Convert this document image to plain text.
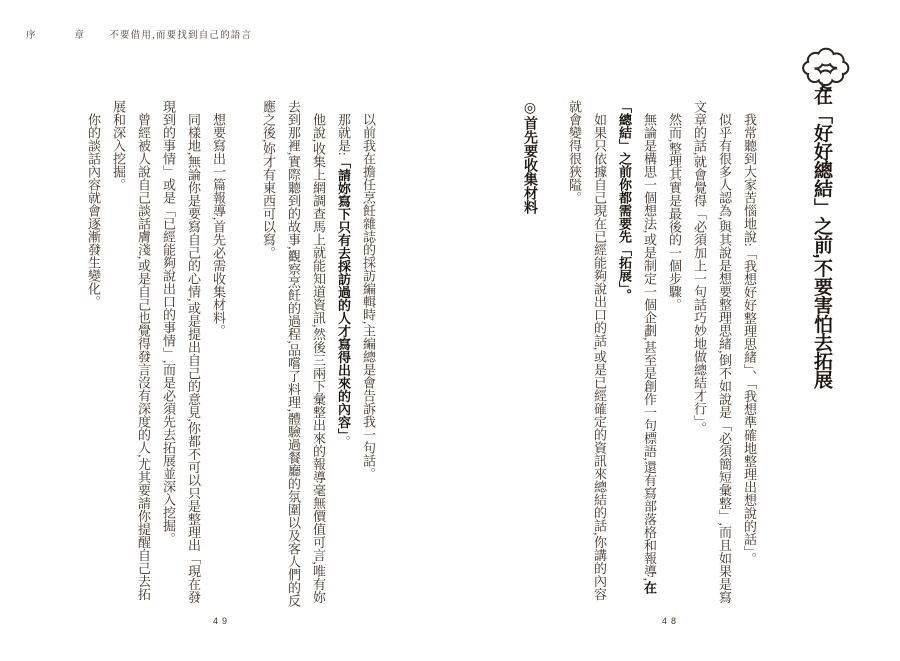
序 章	不要借用,而要找到自己的語言
在「好好總結」之前,不要害怕去拓展

我常聽到大家苦惱地說:「我想好好整理思緒」、「我想準確地整理出想說的話」。

似乎有很多人認為,與其說是想要整理思緒,倒不如說是「必須簡短彙整」,而且如果是寫文章的話,就會覺得「必須加上一句話巧妙地做總結才行」。

然而,整理其實是最後的一個步驟。

無論是構思一個想法,或是制定一個企劃,甚至是創作一句標語,還有寫部落格和報導,在「總結」之前你都需要先「拓展」。

如果只依據自己現在已經能夠說出口的話,或是已經確定的資訊來總結的話,你講的內容就會變得很狹隘。

◎首先要收集材料

以前我在擔任烹飪雜誌的採訪編輯時,主編總是會告訴我一句話。

那就是:「請妳寫下只有去採訪過的人才寫得出來的內容」。

他說,收集上網調查馬上就能知道資訊,然後三兩下彙整出來的報導毫無價值可言,唯有妳去到那裡,實際聽到的故事,觀察烹飪的過程,品嚐了料理,體驗過餐廳的氛圍以及客人們的反應之後,妳才有東西可以寫。

想要寫出一篇報導,首先必需收集材料。

同樣地,無論你是要寫自己的心情,或是提出自己的意見,你都不可以只是整理出「現在發現到的事情」或是「已經能夠說出口的事情」,而是必須先去拓展並深入挖掘。

曾經被人說自己談話膚淺,或是自己也覺得發言沒有深度的人,尤其要請你提醒自己去拓展和深入挖掘。

你的談話內容就會逐漸發生變化。

49	48
